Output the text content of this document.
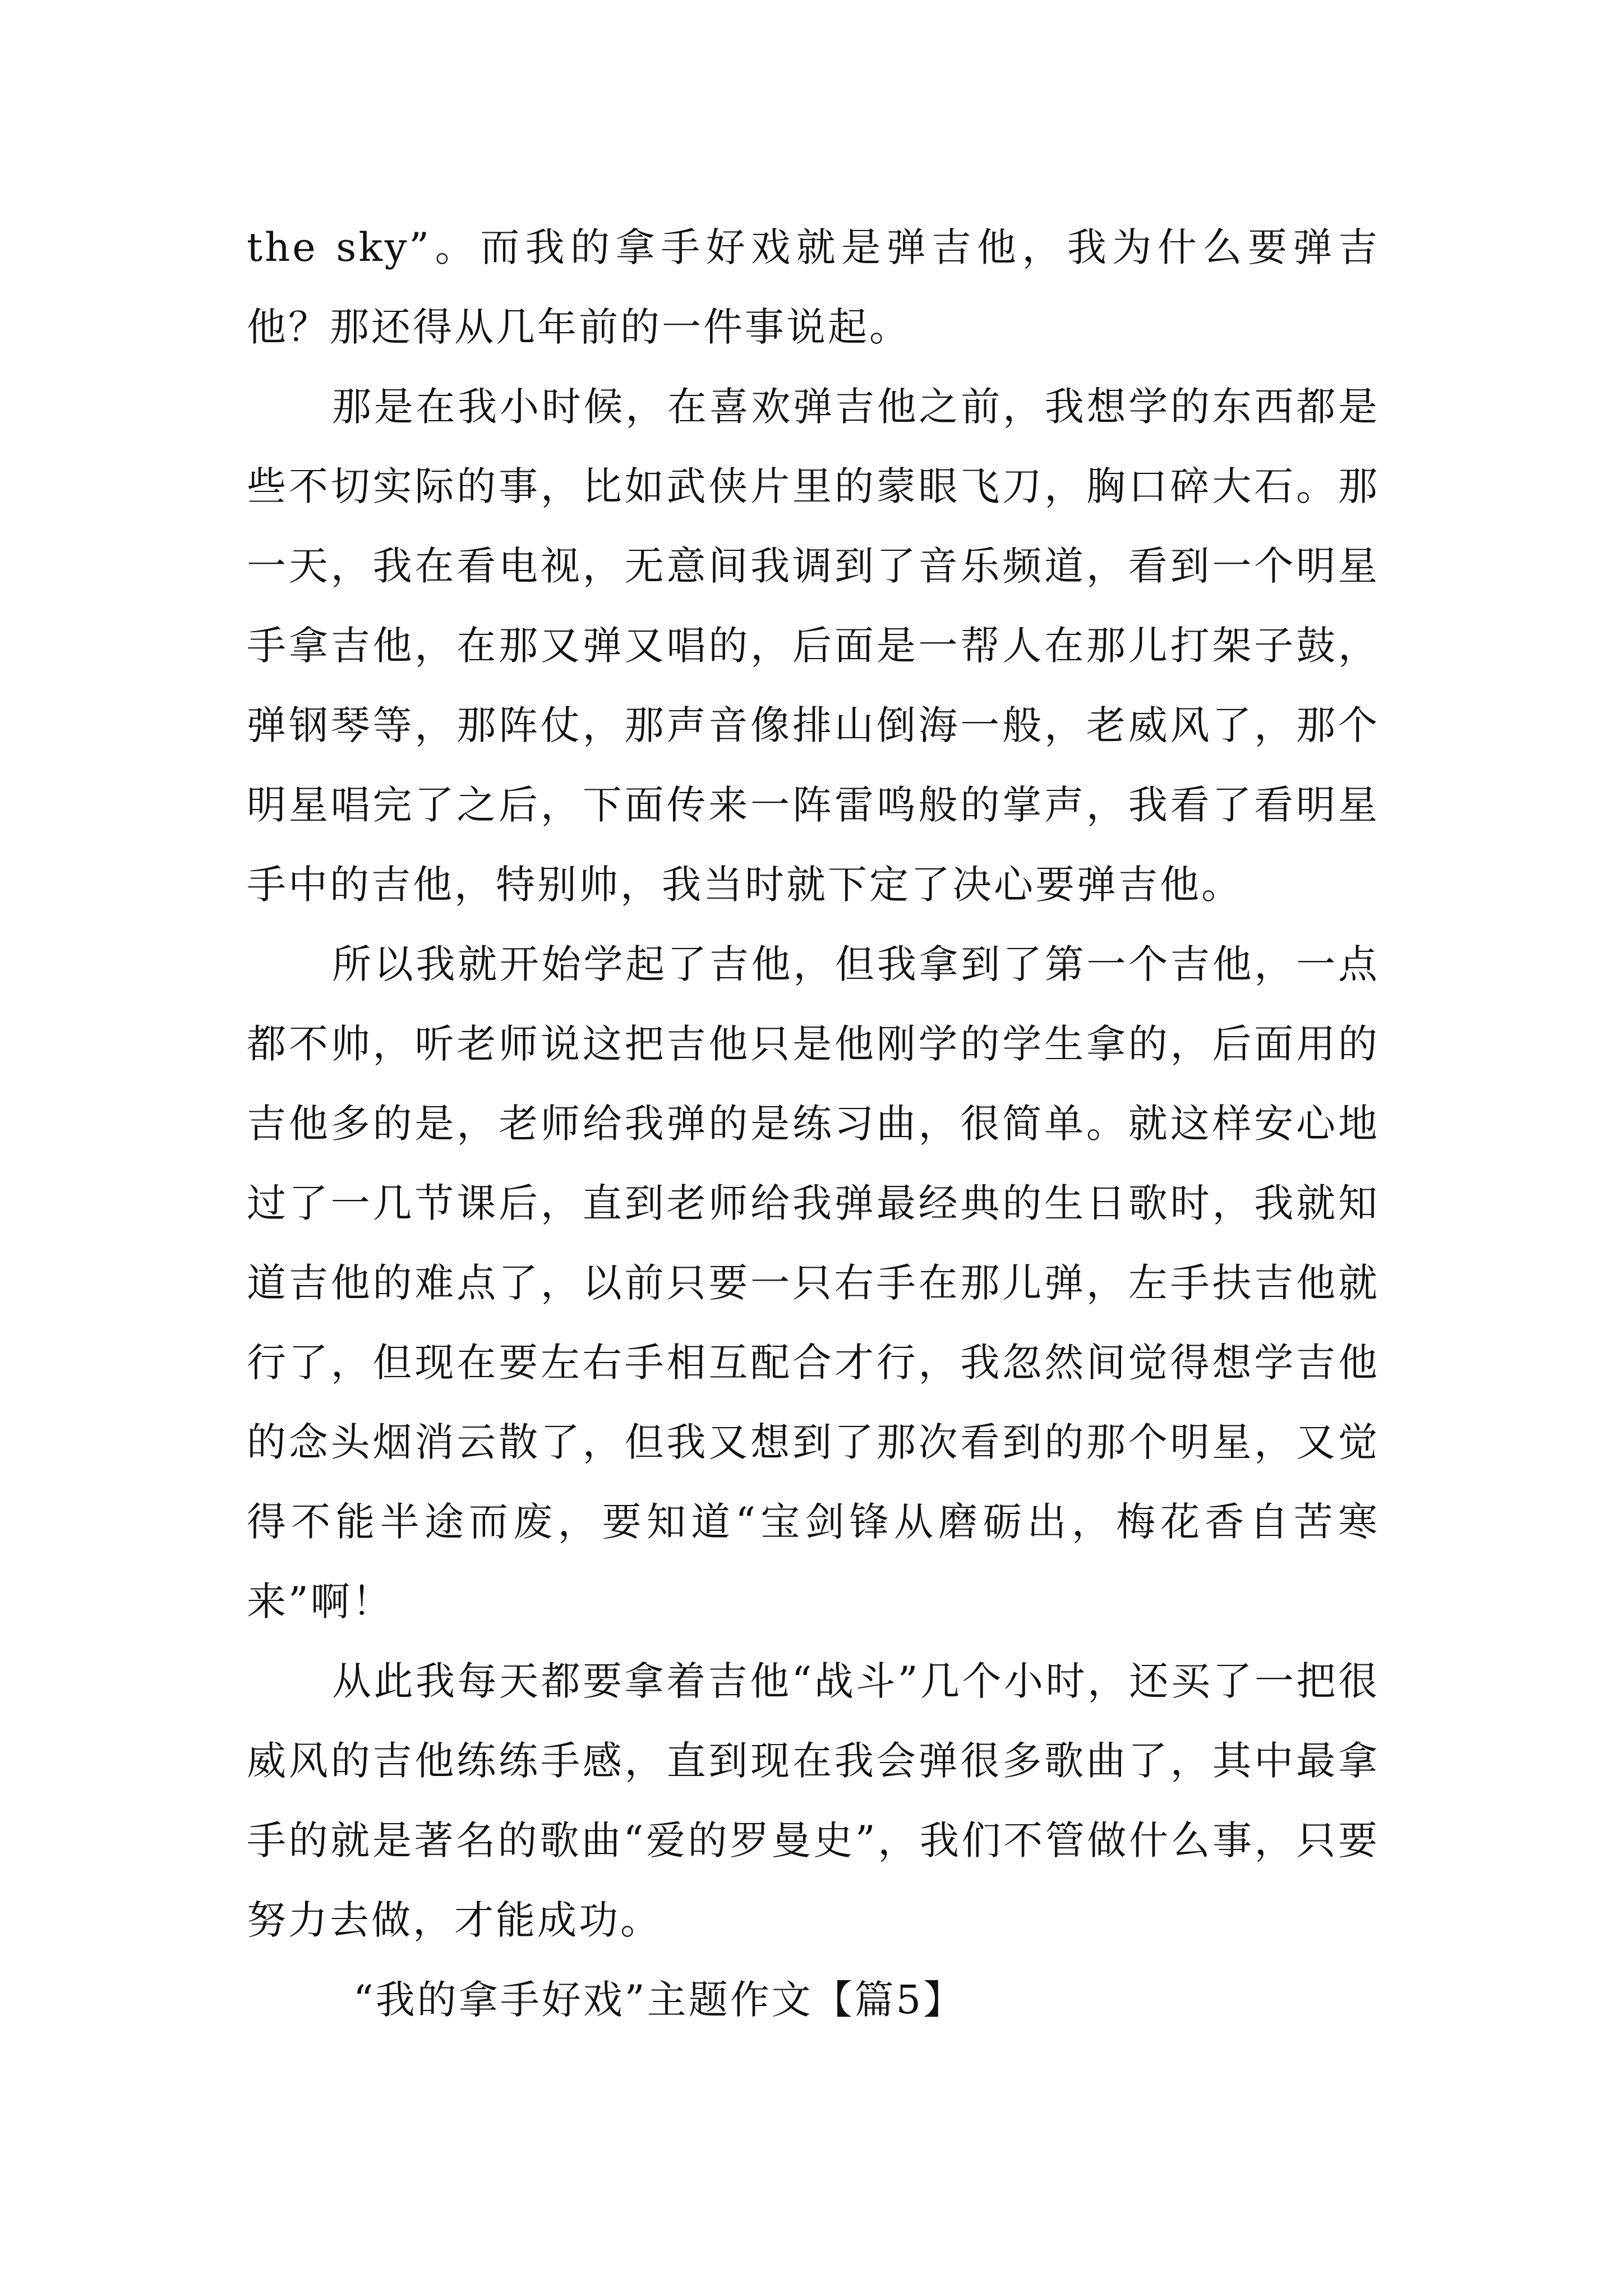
the sky”。而我的拿手好戏就是弹吉他，我为什么要弹吉他？那还得从几年前的一件事说起。

那是在我小时候，在喜欢弹吉他之前，我想学的东西都是些不切实际的事，比如武侠片里的蒙眼飞刀，胸口碎大石。那一天，我在看电视，无意间我调到了音乐频道，看到一个明星手拿吉他，在那又弹又唱的，后面是一帮人在那儿打架子鼓，弹钢琴等，那阵仗，那声音像排山倒海一般，老威风了，那个明星唱完了之后，下面传来一阵雷鸣般的掌声，我看了看明星手中的吉他，特别帅，我当时就下定了决心要弹吉他。

所以我就开始学起了吉他，但我拿到了第一个吉他，一点都不帅，听老师说这把吉他只是他刚学的学生拿的，后面用的吉他多的是，老师给我弹的是练习曲，很简单。就这样安心地过了一几节课后，直到老师给我弹最经典的生日歌时，我就知道吉他的难点了，以前只要一只右手在那儿弹，左手扶吉他就行了，但现在要左右手相互配合才行，我忽然间觉得想学吉他的念头烟消云散了，但我又想到了那次看到的那个明星，又觉得不能半途而废，要知道“宝剑锋从磨砺出，梅花香自苦寒来”啊！

从此我每天都要拿着吉他“战斗”几个小时，还买了一把很威风的吉他练练手感，直到现在我会弹很多歌曲了，其中最拿手的就是著名的歌曲“爱的罗曼史”，我们不管做什么事，只要努力去做，才能成功。

“我的拿手好戏”主题作文【篇5】
